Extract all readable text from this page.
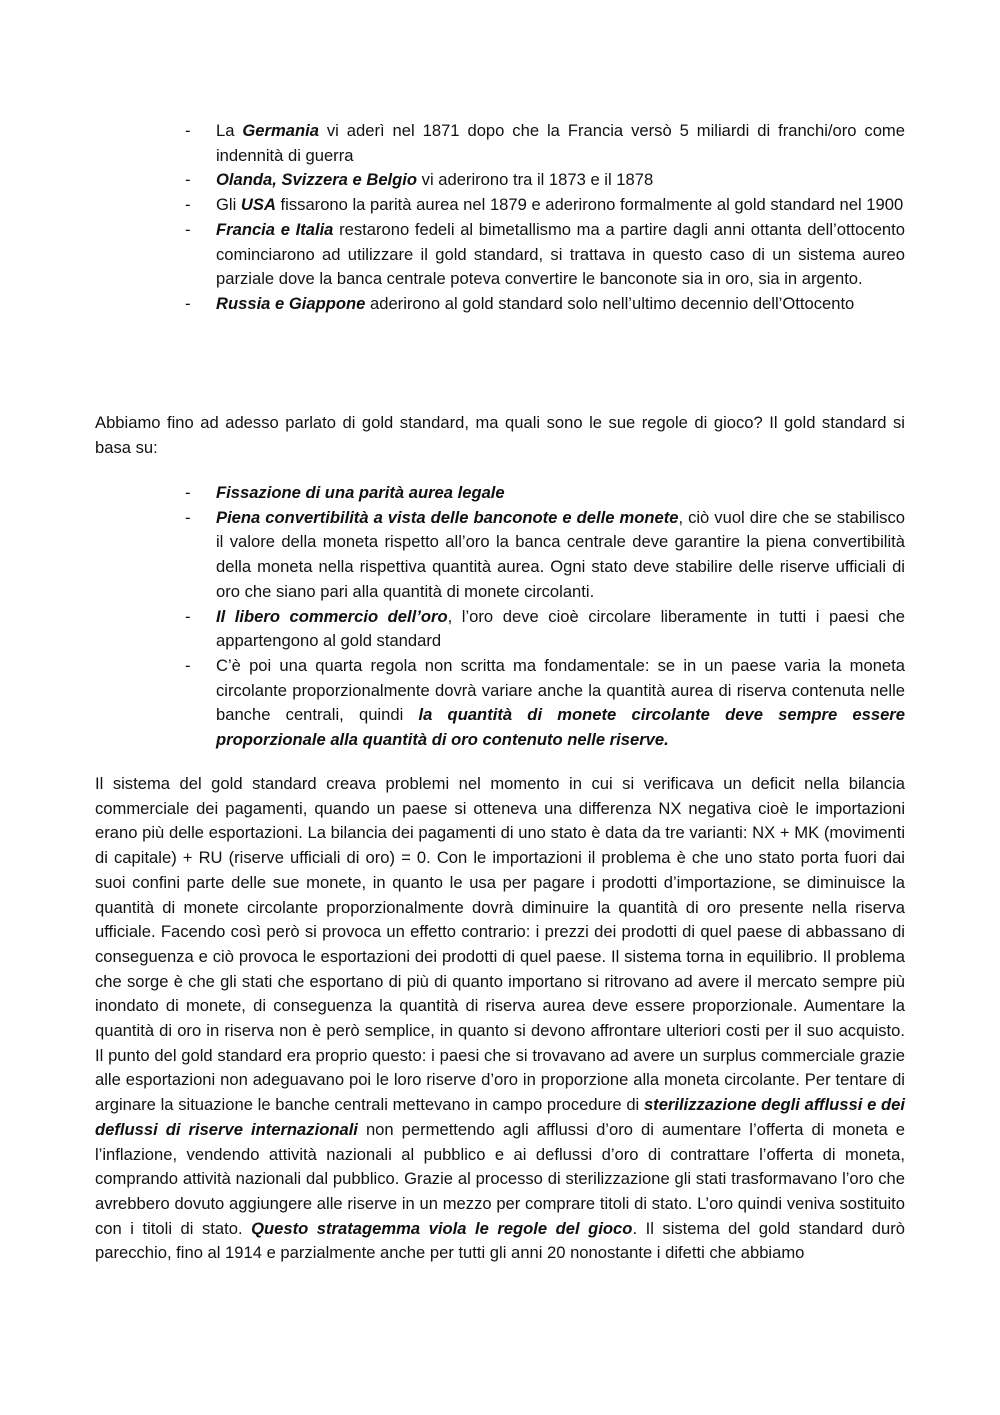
- La Germania vi aderì nel 1871 dopo che la Francia versò 5 miliardi di franchi/oro come indennità di guerra
- Olanda, Svizzera e Belgio vi aderirono tra il 1873 e il 1878
- Gli USA fissarono la parità aurea nel 1879 e aderirono formalmente al gold standard nel 1900
- Francia e Italia restarono fedeli al bimetallismo ma a partire dagli anni ottanta dell’ottocento cominciarono ad utilizzare il gold standard, si trattava in questo caso di un sistema aureo parziale dove la banca centrale poteva convertire le banconote sia in oro, sia in argento.
- Russia e Giappone aderirono al gold standard solo nell’ultimo decennio dell’Ottocento

Abbiamo fino ad adesso parlato di gold standard, ma quali sono le sue regole di gioco? Il gold standard si basa su:

- Fissazione di una parità aurea legale
- Piena convertibilità a vista delle banconote e delle monete, ciò vuol dire che se stabilisco il valore della moneta rispetto all’oro la banca centrale deve garantire la piena convertibilità della moneta nella rispettiva quantità aurea. Ogni stato deve stabilire delle riserve ufficiali di oro che siano pari alla quantità di monete circolanti.
- Il libero commercio dell’oro, l’oro deve cioè circolare liberamente in tutti i paesi che appartengono al gold standard
- C’è poi una quarta regola non scritta ma fondamentale: se in un paese varia la moneta circolante proporzionalmente dovrà variare anche la quantità aurea di riserva contenuta nelle banche centrali, quindi la quantità di monete circolante deve sempre essere proporzionale alla quantità di oro contenuto nelle riserve.

Il sistema del gold standard creava problemi nel momento in cui si verificava un deficit nella bilancia commerciale dei pagamenti, quando un paese si otteneva una differenza NX negativa cioè le importazioni erano più delle esportazioni. La bilancia dei pagamenti di uno stato è data da tre varianti: NX + MK (movimenti di capitale) + RU (riserve ufficiali di oro) = 0. Con le importazioni il problema è che uno stato porta fuori dai suoi confini parte delle sue monete, in quanto le usa per pagare i prodotti d’importazione, se diminuisce la quantità di monete circolante proporzionalmente dovrà diminuire la quantità di oro presente nella riserva ufficiale. Facendo così però si provoca un effetto contrario: i prezzi dei prodotti di quel paese di abbassano di conseguenza e ciò provoca le esportazioni dei prodotti di quel paese. Il sistema torna in equilibrio. Il problema che sorge è che gli stati che esportano di più di quanto importano si ritrovano ad avere il mercato sempre più inondato di monete, di conseguenza la quantità di riserva aurea deve essere proporzionale. Aumentare la quantità di oro in riserva non è però semplice, in quanto si devono affrontare ulteriori costi per il suo acquisto. Il punto del gold standard era proprio questo: i paesi che si trovavano ad avere un surplus commerciale grazie alle esportazioni non adeguavano poi le loro riserve d’oro in proporzione alla moneta circolante. Per tentare di arginare la situazione le banche centrali mettevano in campo procedure di sterilizzazione degli afflussi e dei deflussi di riserve internazionali non permettendo agli afflussi d’oro di aumentare l’offerta di moneta e l’inflazione, vendendo attività nazionali al pubblico e ai deflussi d’oro di contrattare l’offerta di moneta, comprando attività nazionali dal pubblico. Grazie al processo di sterilizzazione gli stati trasformavano l’oro che avrebbero dovuto aggiungere alle riserve in un mezzo per comprare titoli di stato. L’oro quindi veniva sostituito con i titoli di stato. Questo stratagemma viola le regole del gioco. Il sistema del gold standard durò parecchio, fino al 1914 e parzialmente anche per tutti gli anni 20 nonostante i difetti che abbiamo
